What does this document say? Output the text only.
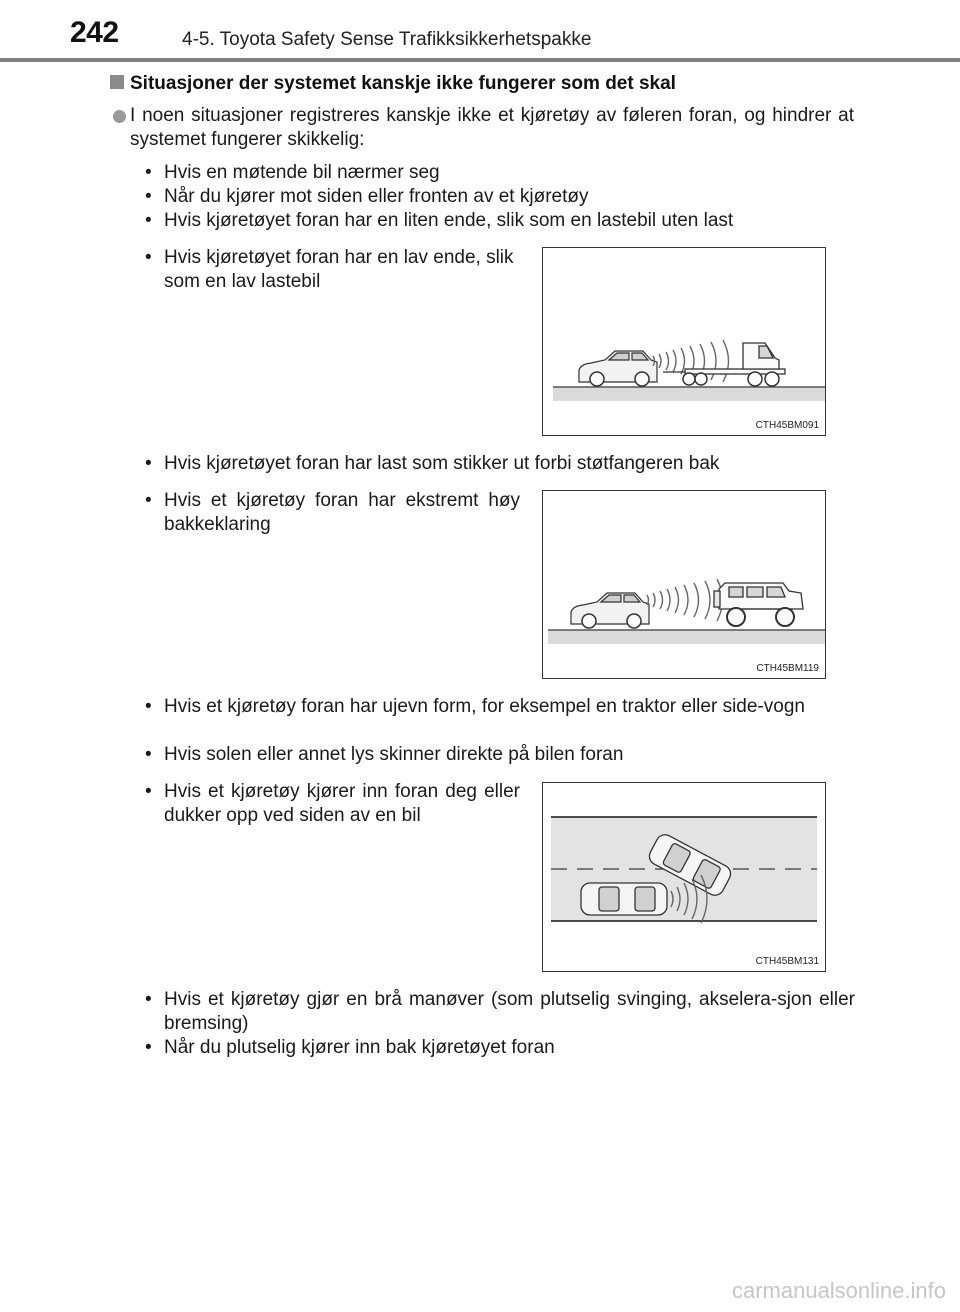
242	4-5. Toyota Safety Sense Trafikksikkerhetspakke
Situasjoner der systemet kanskje ikke fungerer som det skal
I noen situasjoner registreres kanskje ikke et kjøretøy av føleren foran, og hindrer at systemet fungerer skikkelig:
• Hvis en møtende bil nærmer seg
• Når du kjører mot siden eller fronten av et kjøretøy
• Hvis kjøretøyet foran har en liten ende, slik som en lastebil uten last
• Hvis kjøretøyet foran har en lav ende, slik som en lav lastebil
CTH45BM091
• Hvis kjøretøyet foran har last som stikker ut forbi støtfangeren bak
• Hvis et kjøretøy foran har ekstremt høy bakkeklaring
CTH45BM119
• Hvis et kjøretøy foran har ujevn form, for eksempel en traktor eller side-vogn
• Hvis solen eller annet lys skinner direkte på bilen foran
• Hvis et kjøretøy kjører inn foran deg eller dukker opp ved siden av en bil
CTH45BM131
• Hvis et kjøretøy gjør en brå manøver (som plutselig svinging, akselera-sjon eller bremsing)
• Når du plutselig kjører inn bak kjøretøyet foran
carmanualsonline.info
